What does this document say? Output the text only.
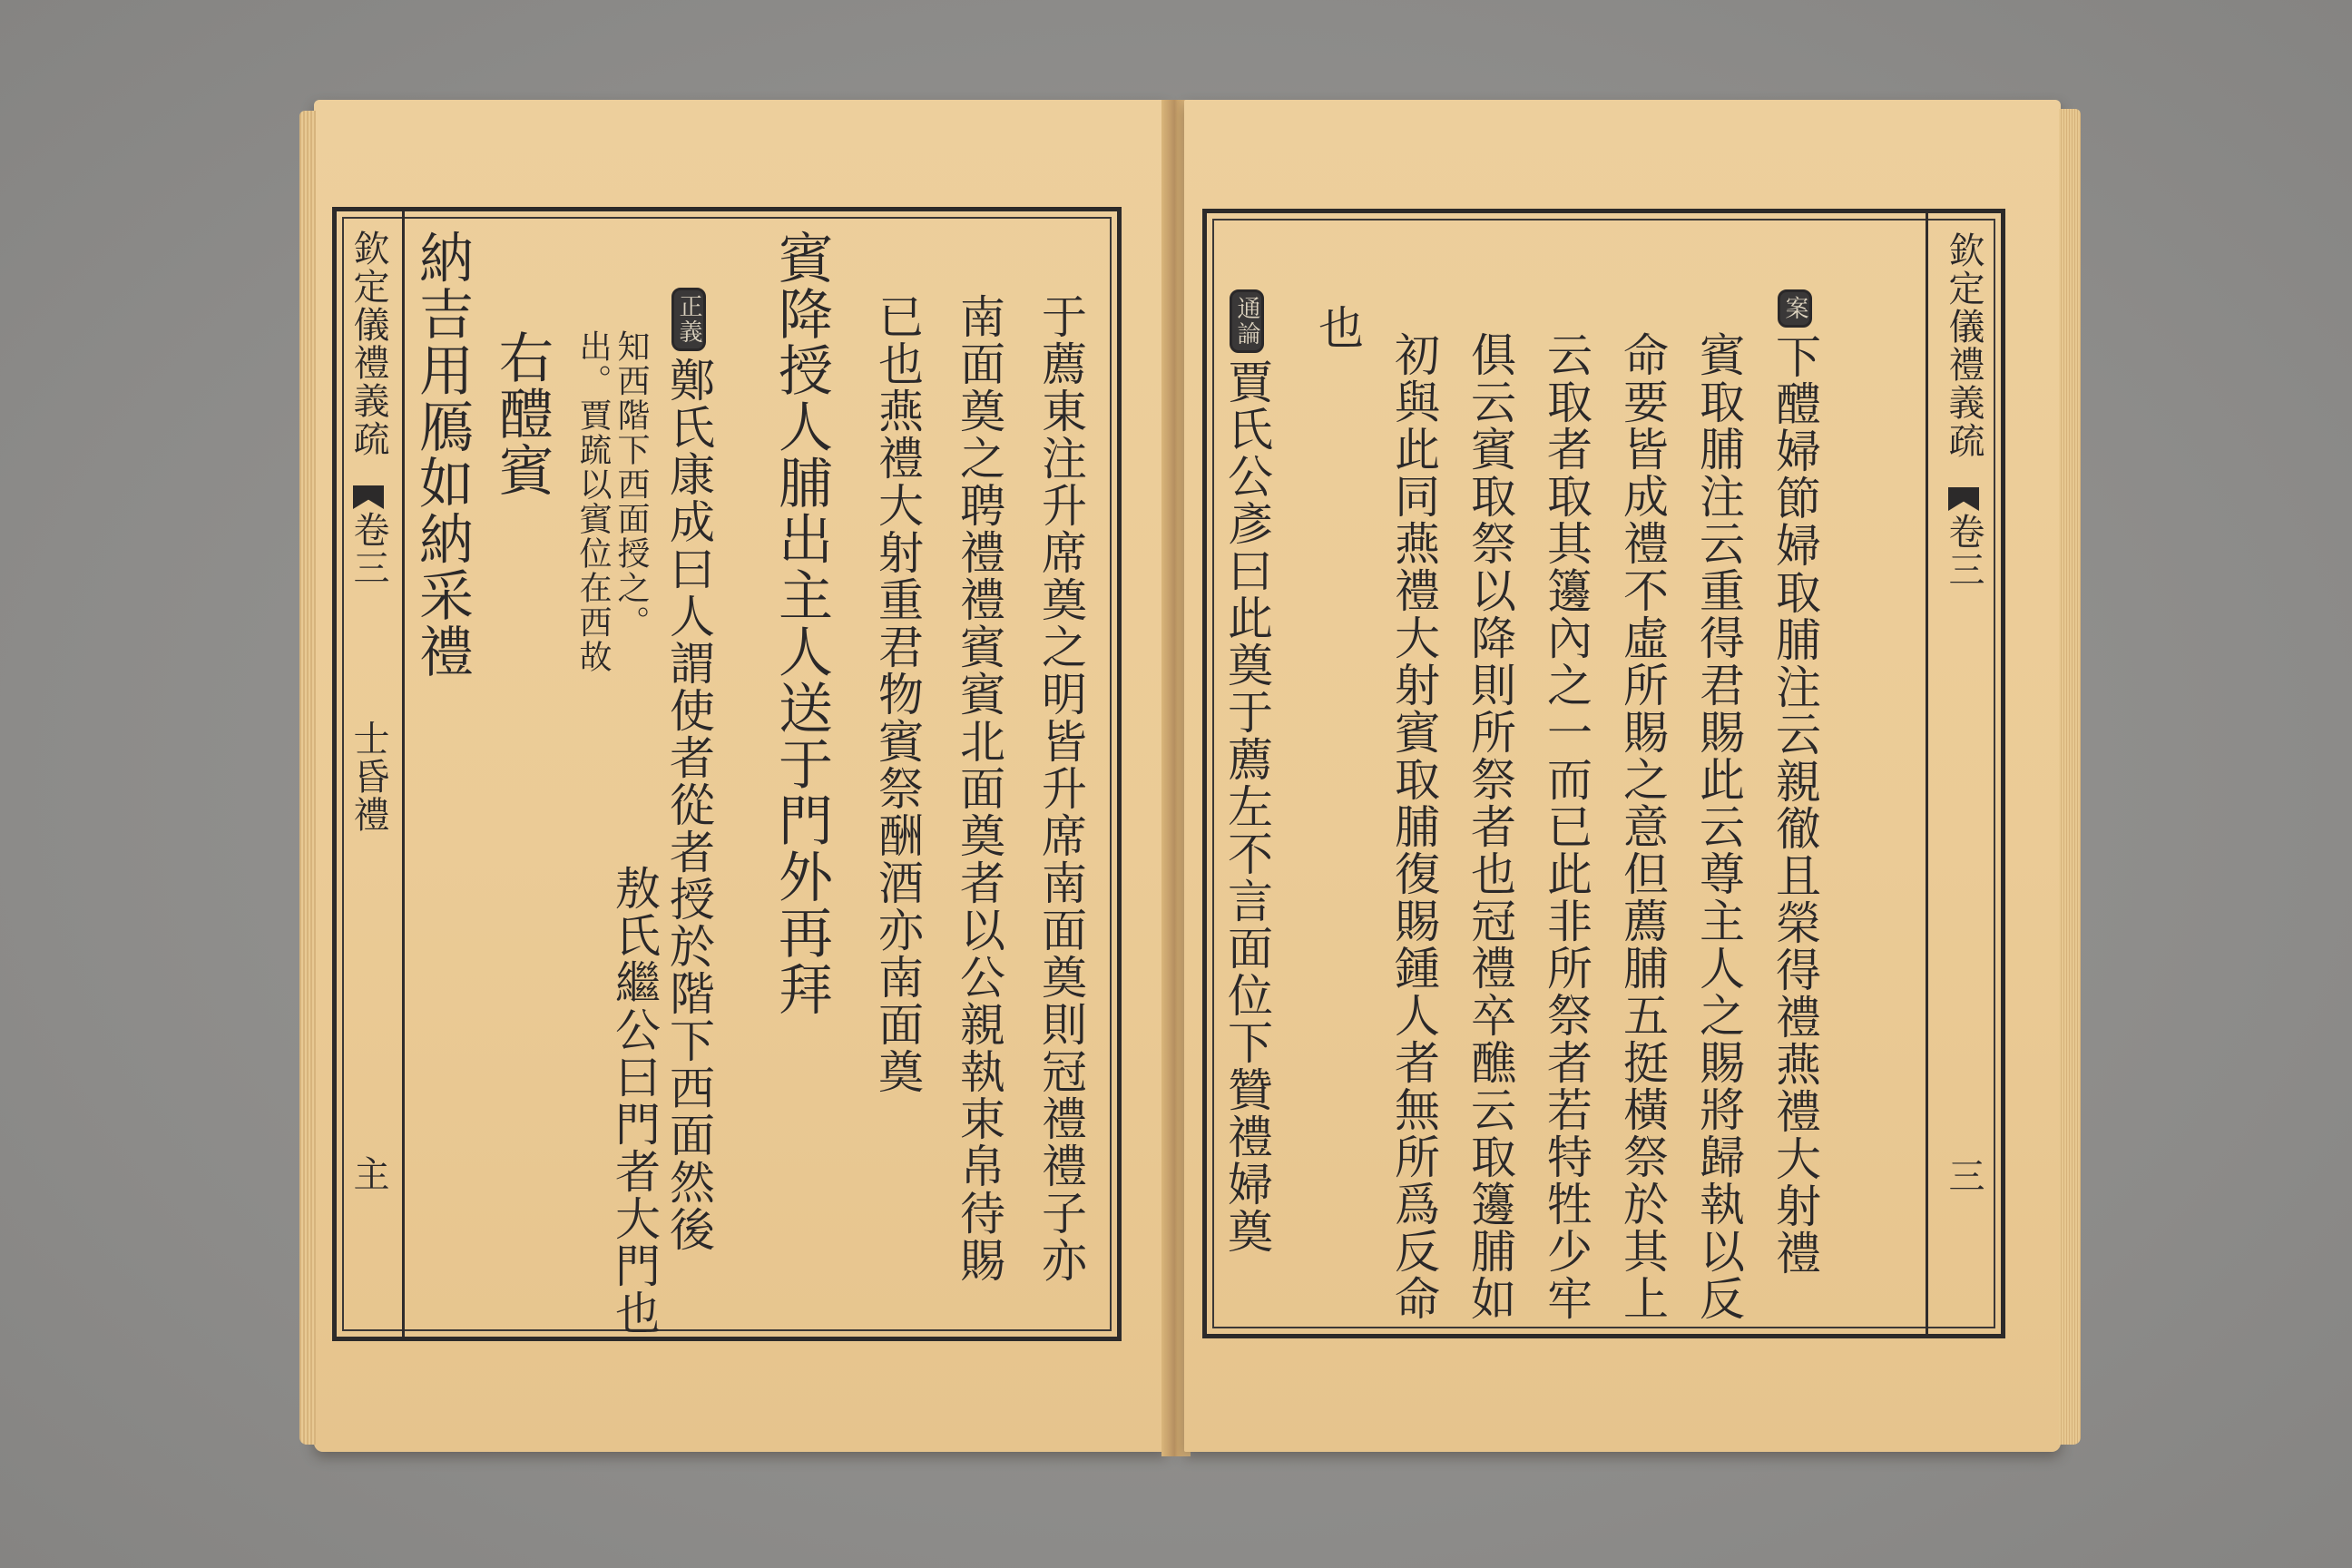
欽定儀禮義疏
卷三
士昏禮
主
納吉用鴈如納采禮 右醴賓 出。賈䟽以賓位在西故 知西階下西面授之。

正義鄭氏康成曰人謂使者從者授於階下西面然後
敖氏繼公曰門者大門也
賓降授人脯出主人送于門外再拜 已也燕禮大射重君物賓祭酬酒亦南面奠 南面奠之聘禮禮賓賓北面奠者以公親執束帛待賜 于薦東注升席奠之明皆升席南面奠則冠禮禮子亦	通論賈氏公彥曰此奠于薦左不言面位下贊禮婦奠
也
初與此同燕禮大射賓取脯復賜鍾人者無所爲反命 俱云賓取祭以降則所祭者也冠禮卒醮云取籩脯如 云取者取其籩內之一而已此非所祭者若特牲少牢 命要皆成禮不虛所賜之意但薦脯五挺橫祭於其上 賓取脯注云重得君賜此云尊主人之賜將歸執以反
案下醴婦節婦取脯注云親徹且榮得禮燕禮大射禮	欽定儀禮義疏
卷三
三
